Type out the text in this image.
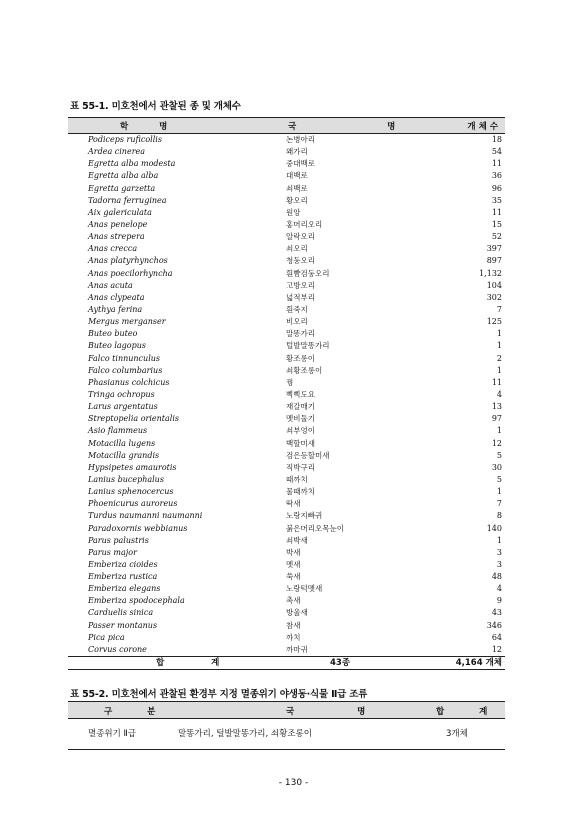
표 55-1. 미호천에서 관찰된 종 및 개체수
학 명	국 명	개체수
Podiceps ruficollis	논병아리	18
Ardea cinerea	왜가리	54
Egretta alba modesta	중대백로	11
Egretta alba alba	대백로	36
Egretta garzetta	쇠백로	96
Tadorna ferruginea	황오리	35
Aix galericulata	원앙	11
Anas penelope	홍머리오리	15
Anas strepera	알락오리	52
Anas crecca	쇠오리	397
Anas platyrhynchos	청둥오리	897
Anas poecilorhyncha	흰뺨검둥오리	1,132
Anas acuta	고방오리	104
Anas clypeata	넓적부리	302
Aythya ferina	흰죽지	7
Mergus merganser	비오리	125
Buteo buteo	말똥가리	1
Buteo lagopus	털발말똥가리	1
Falco tinnunculus	황조롱이	2
Falco columbarius	쇠황조롱이	1
Phasianus colchicus	꿩	11
Tringa ochropus	삑삑도요	4
Larus argentatus	재갈매기	13
Streptopelia orientalis	멧비둘기	97
Asio flammeus	쇠부엉이	1
Motacilla lugens	백할미새	12
Motacilla grandis	검은등할미새	5
Hypsipetes amaurotis	직박구리	30
Lanius bucephalus	때까치	5
Lanius sphenocercus	물때까치	1
Phoenicurus auroreus	딱새	7
Turdus naumanni naumanni	노랑지빠귀	8
Paradoxornis webbianus	붉은머리오목눈이	140
Parus palustris	쇠박새	1
Parus major	박새	3
Emberiza cioides	멧새	3
Emberiza rustica	쑥새	48
Emberiza elegans	노랑턱멧새	4
Emberiza spodocephala	촉새	9
Carduelis sinica	방울새	43
Passer montanus	참새	346
Pica pica	까치	64
Corvus corone	까마귀	12
합 계	43종	4,164 개체
표 55-2. 미호천에서 관찰된 환경부 지정 멸종위기 야생동·식물 Ⅱ급 조류
구 분	국 명	합 계
멸종위기 Ⅱ급	말똥가리, 털발말똥가리, 쇠황조롱이	3개체
- 130 -
